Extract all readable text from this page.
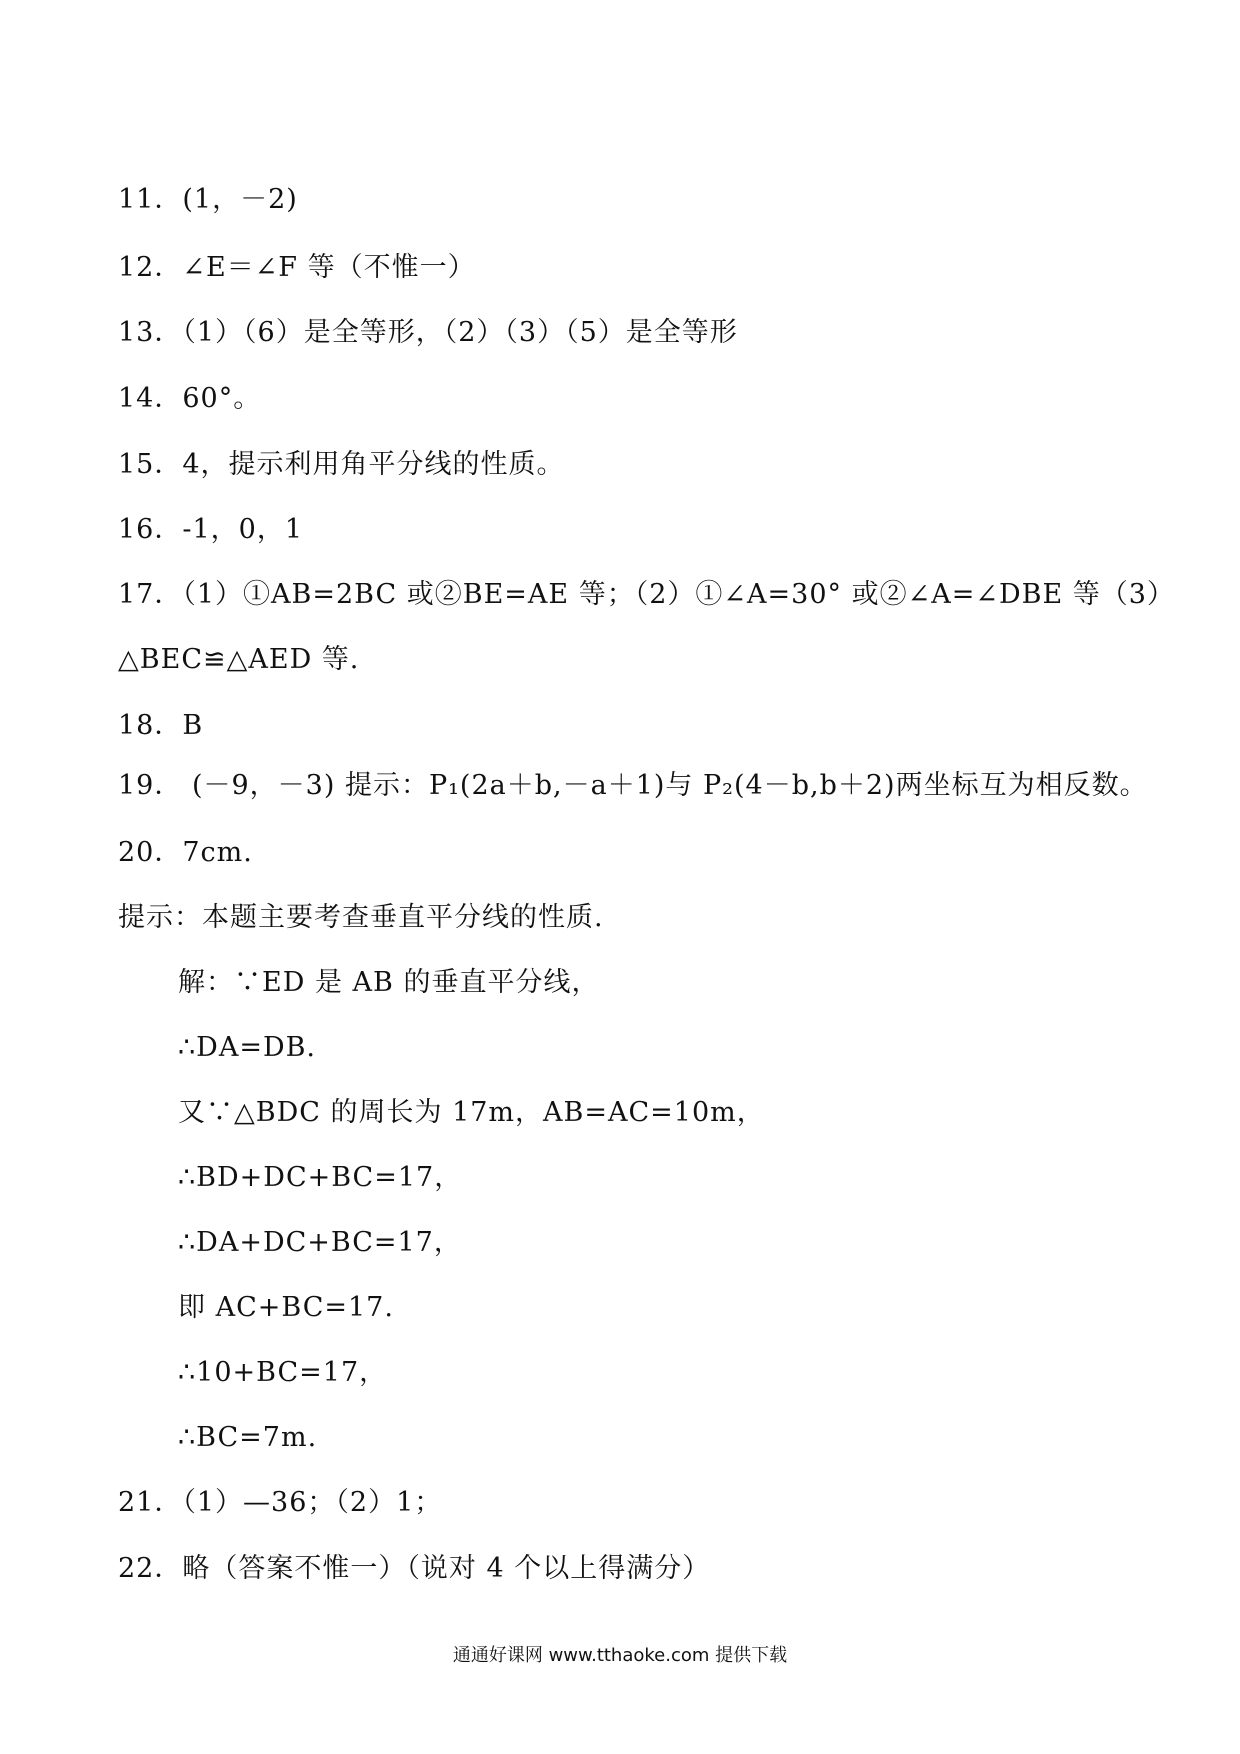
11．(1，－2)
12．∠E＝∠F 等（不惟一）
13．（1）（6）是全等形，（2）（3）（5）是全等形
14．60°。
15．4，提示利用角平分线的性质。
16．-1，0，1
17．（1）①AB=2BC 或②BE=AE 等；（2）①∠A=30° 或②∠A=∠DBE 等（3）
△BEC≌△AED 等.
18．B
19． (－9，－3) 提示：P₁(2a＋b,－a＋1)与 P₂(4－b,b＋2)两坐标互为相反数。
20．7cm.
提示：本题主要考查垂直平分线的性质.
解：∵ED 是 AB 的垂直平分线，
∴DA=DB.
又∵△BDC 的周长为 17m，AB=AC=10m，
∴BD+DC+BC=17，
∴DA+DC+BC=17，
即 AC+BC=17.
∴10+BC=17，
∴BC=7m.
21．（1）—36；（2）1；
22．略（答案不惟一）（说对 4 个以上得满分）
通通好课网 www.tthaoke.com 提供下载
